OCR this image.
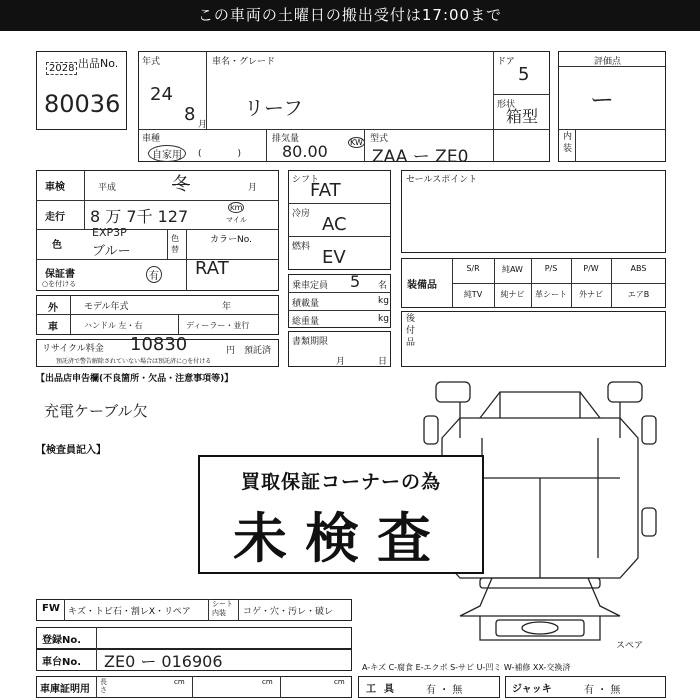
この車両の土曜日の搬出受付は17:00まで
出品No.
2028
80036
年式
24
8 月
車名・グレード
リーフ
ドア
5
形状
箱型
車種
自家用	(　　　　)
排気量
80.00	KW 型式
ZAA ー ZE0
評価点
ー
内装
車検	平成	冬	月
走行 8 万 7千 127	km
マイル
色
EXP3P
ブルー
色替
カラーNo.
RAT
保証書
○を付ける
有
外
車
モデル年式	年
ハンドル 左・右	ディーラー・並行
リサイクル料金 10830	円 預託済
預託済で警告解除されていない場合は預託済に○を付ける
シフト
FAT
冷房 AC
燃料 EV
乗車定員 5 名
積載量	kg
総重量	kg
書類期限
月	日
セールスポイント
装備品
S/R	純AW	P/S	P/W	ABS
純TV	純ナビ	革シート	外ナビ	エアB
後付品
【出品店申告欄(不良箇所・欠品・注意事項等)】
充電ケーブル欠
【検査員記入】
スペア
買取保証コーナーの為
未検査
FW キズ・トビ石・割レX・リペア
シート内装	コゲ・穴・汚レ・破レ
登録No.
車台No. ZE0 ー 016906
車庫証明用
長さ
cm	cm	cm
A-キズ C-腐食 E-エクボ S-サビ U-凹ミ W-補修 XX-交換済
工具 有 ・ 無	ジャッキ	有 ・ 無
